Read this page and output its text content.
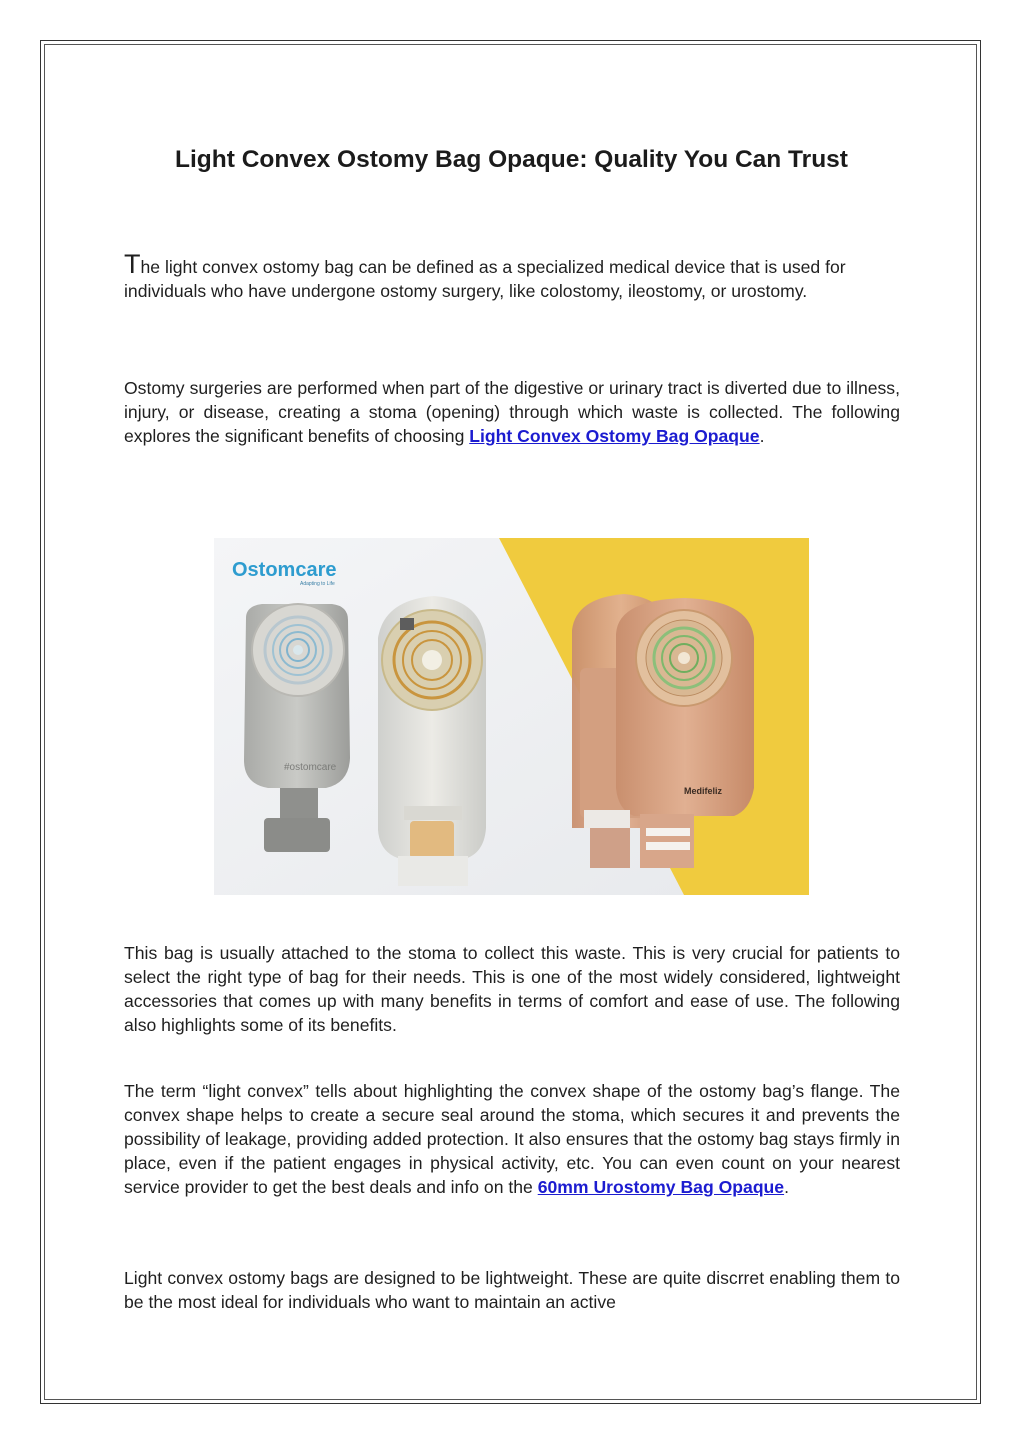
Light Convex Ostomy Bag Opaque: Quality You Can Trust

The light convex ostomy bag can be defined as a specialized medical device that is used for individuals who have undergone ostomy surgery, like colostomy, ileostomy, or urostomy.

Ostomy surgeries are performed when part of the digestive or urinary tract is diverted due to illness, injury, or disease, creating a stoma (opening) through which waste is collected. The following explores the significant benefits of choosing Light Convex Ostomy Bag Opaque.

Ostomcare
Adapting to Life
#ostomcare
Medifeliz

This bag is usually attached to the stoma to collect this waste. This is very crucial for patients to select the right type of bag for their needs. This is one of the most widely considered, lightweight accessories that comes up with many benefits in terms of comfort and ease of use. The following also highlights some of its benefits.

The term “light convex” tells about highlighting the convex shape of the ostomy bag’s flange. The convex shape helps to create a secure seal around the stoma, which secures it and prevents the possibility of leakage, providing added protection. It also ensures that the ostomy bag stays firmly in place, even if the patient engages in physical activity, etc. You can even count on your nearest service provider to get the best deals and info on the 60mm Urostomy Bag Opaque.

Light convex ostomy bags are designed to be lightweight. These are quite discrret enabling them to be the most ideal for individuals who want to maintain an active
